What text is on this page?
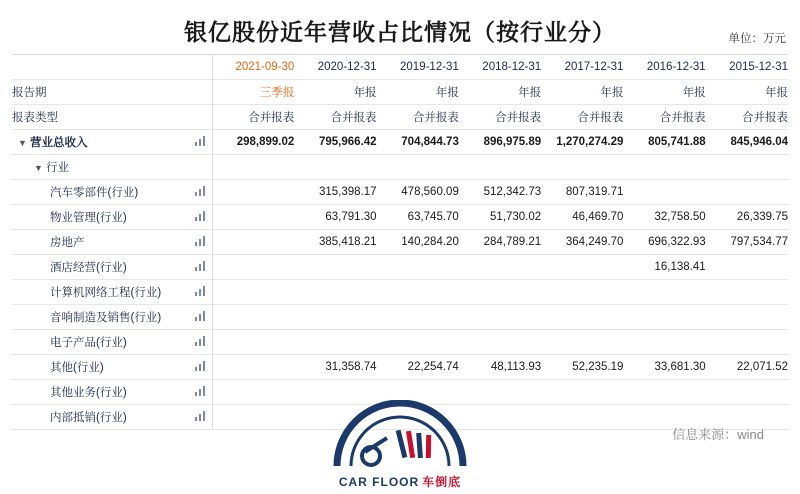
银亿股份近年营收占比情况（按行业分）	单位：万元
		2021-09-30	2020-12-31	2019-12-31	2018-12-31	2017-12-31	2016-12-31	2015-12-31
报告期		三季报	年报	年报	年报	年报	年报	年报
报表类型		合并报表	合并报表	合并报表	合并报表	合并报表	合并报表	合并报表
▼ 营业总收入		298,899.02	795,966.42	704,844.73	896,975.89	1,270,274.29	805,741.88	845,946.04
▼ 行业								
汽车零部件(行业)			315,398.17	478,560.09	512,342.73	807,319.71		
物业管理(行业)			63,791.30	63,745.70	51,730.02	46,469.70	32,758.50	26,339.75
房地产			385,418.21	140,284.20	284,789.21	364,249.70	696,322.93	797,534.77
酒店经营(行业)							16,138.41	
计算机网络工程(行业)	

音响制造及销售(行业)	

电子产品(行业)	

其他(行业)			31,358.74	22,254.74	48,113.93	52,235.19	33,681.30	22,071.52
其他业务(行业)	

内部抵销(行业)	

信息来源：wind
CAR FLOOR 车倒底
